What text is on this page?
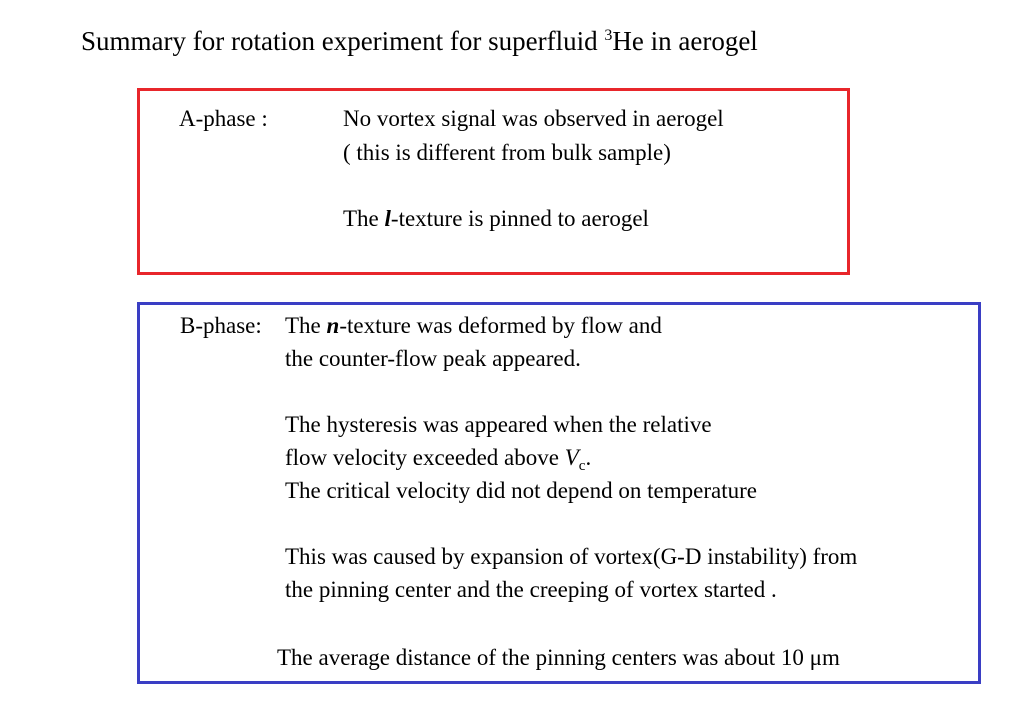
Summary for rotation experiment for superfluid $^3$He in aerogel
A-phase :	No vortex signal was observed in aerogel
( this is different from bulk sample)
The l-texture is pinned to aerogel
B-phase: The n-texture was deformed by flow and
the counter-flow peak appeared.
The hysteresis was appeared when the relative
flow velocity exceeded above $V_c$.
The critical velocity did not depend on temperature
This was caused by expansion of vortex(G-D instability) from
the pinning center and the creeping of vortex started .
The average distance of the pinning centers was about 10 μm
